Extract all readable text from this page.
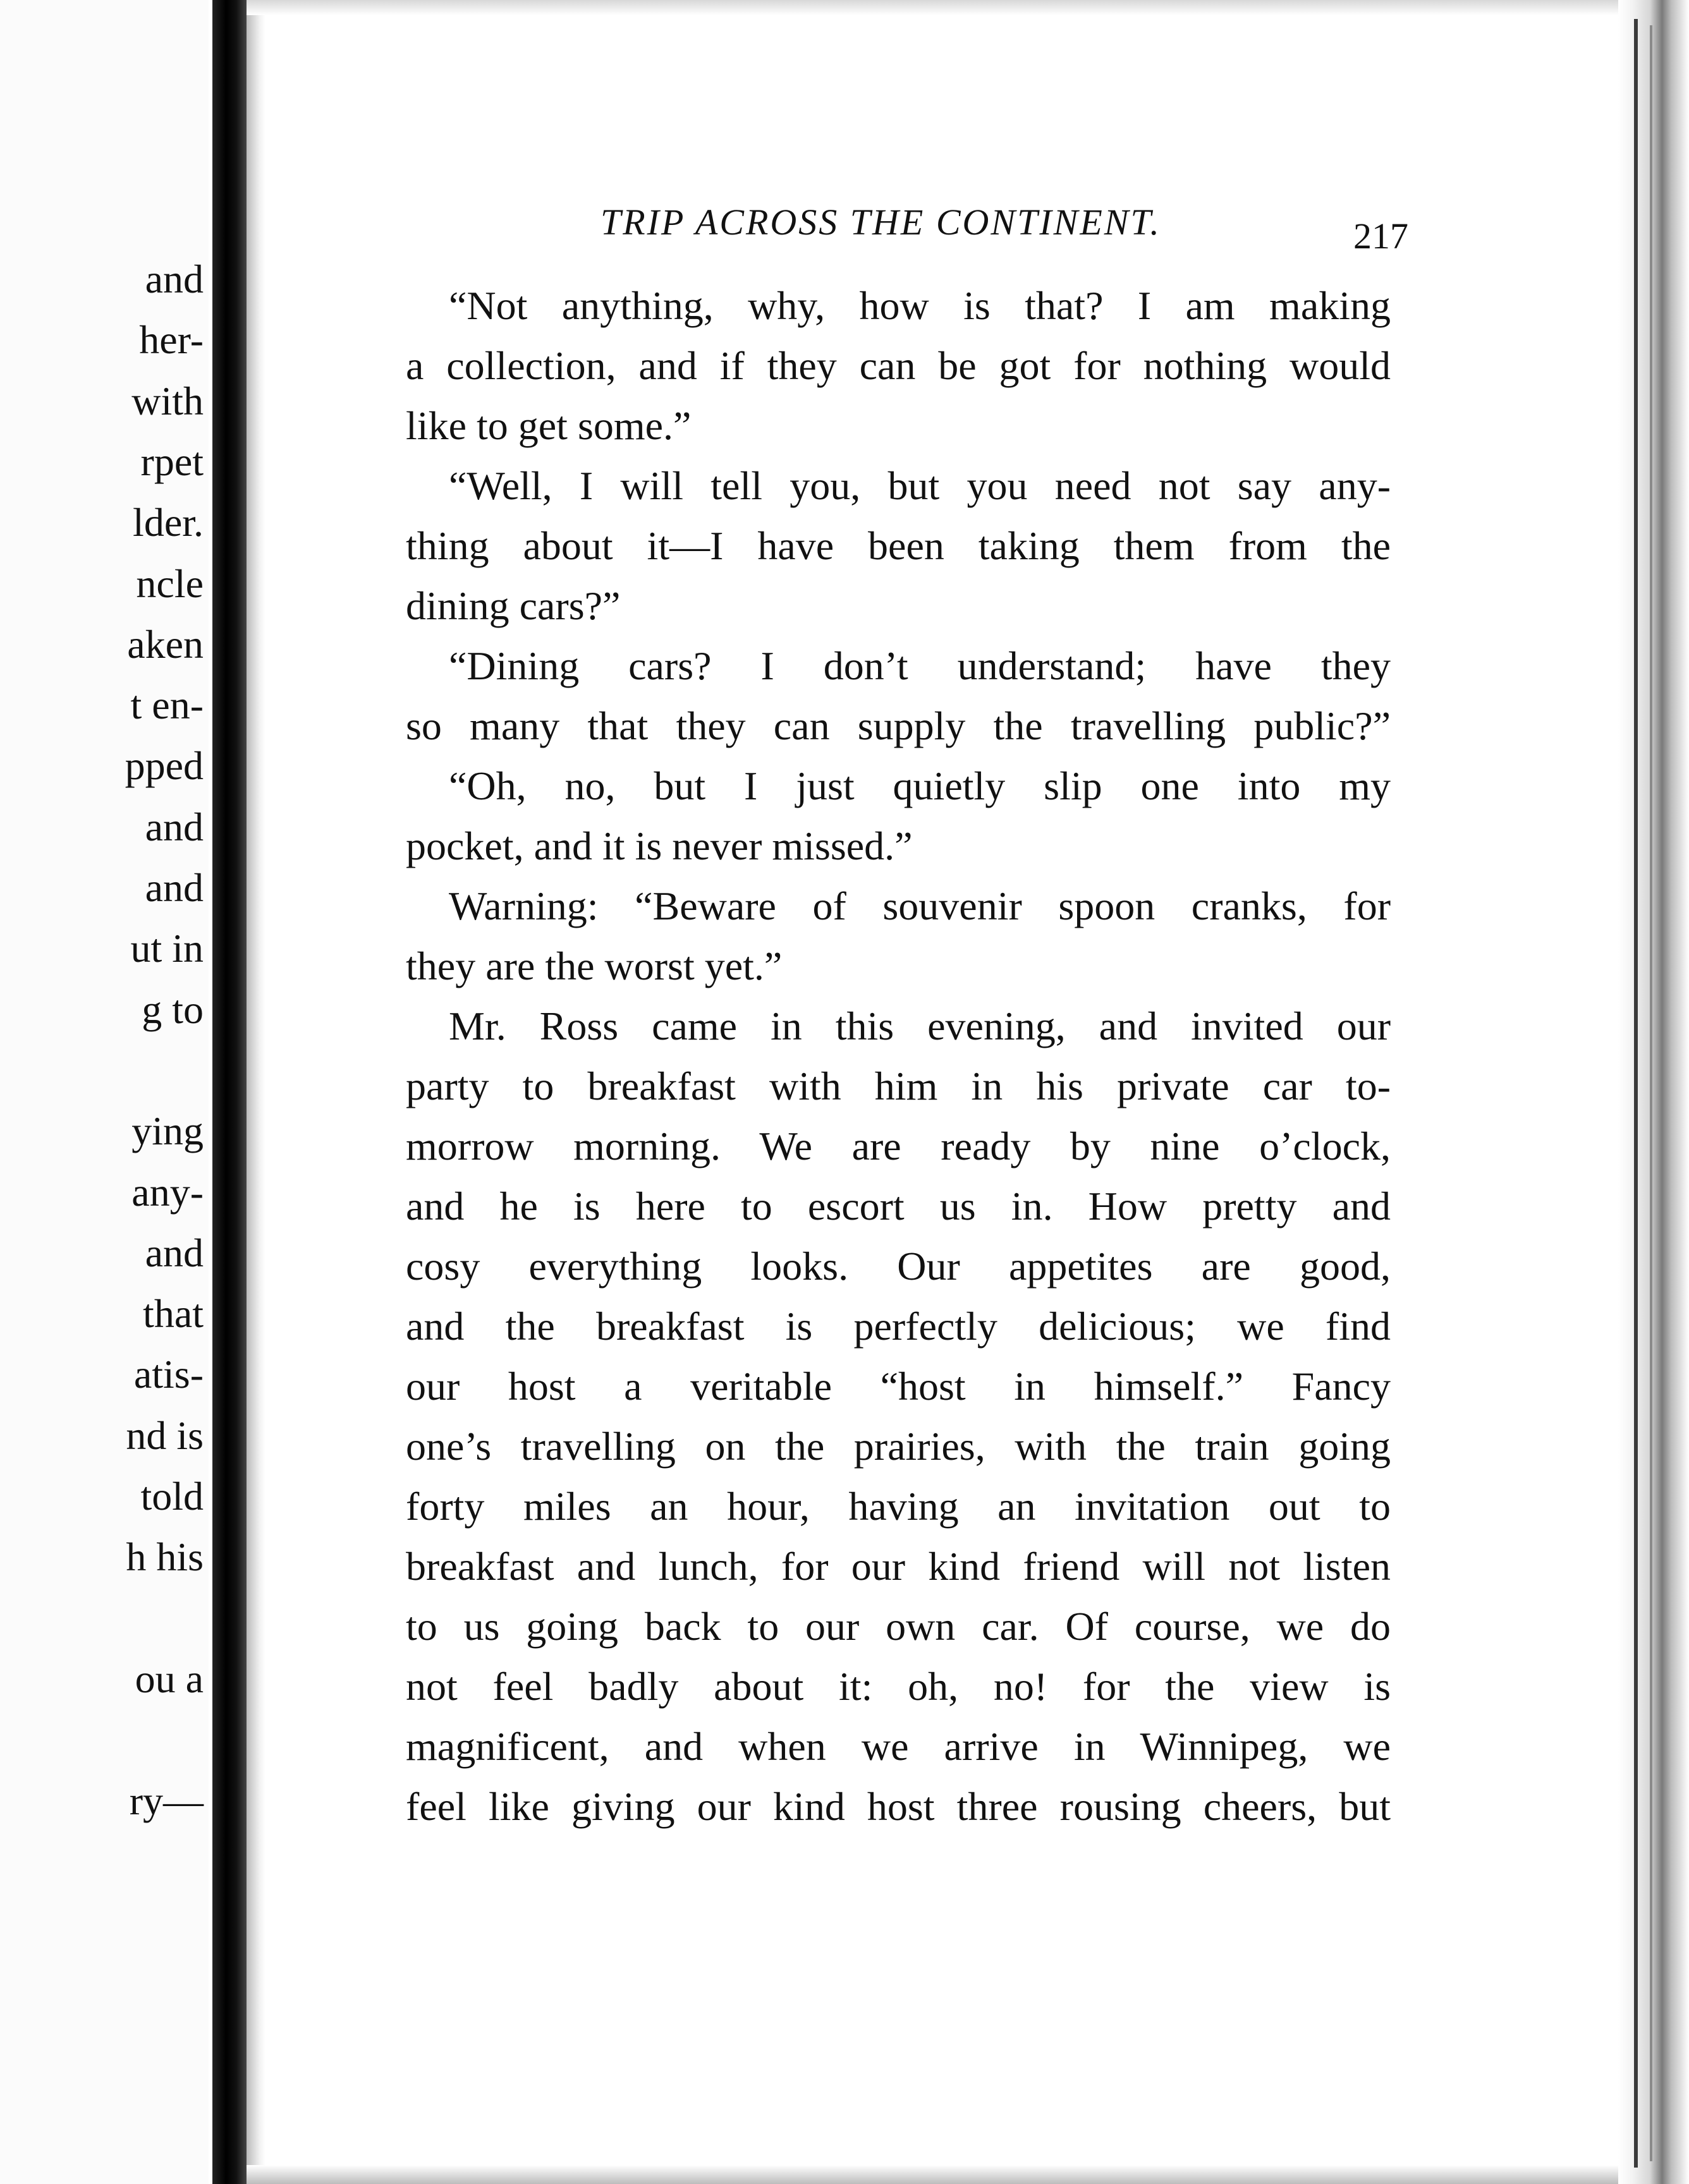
and
her-
with
rpet
lder.
ncle
aken
t en-
pped
and
and
ut in
g to
ying
any-
and
that
atis-
nd is
told
h his
ou a
ry—
TRIP ACROSS THE CONTINENT.	217
“Not anything, why, how is that? I am making
a collection, and if they can be got for nothing would
like to get some.”
“Well, I will tell you, but you need not say any-
thing about it—I have been taking them from the
dining cars?”
“Dining cars? I don’t understand; have they
so many that they can supply the travelling public?”
“Oh, no, but I just quietly slip one into my
pocket, and it is never missed.”
Warning: “Beware of souvenir spoon cranks, for
they are the worst yet.”
Mr. Ross came in this evening, and invited our
party to breakfast with him in his private car to-
morrow morning. We are ready by nine o’clock,
and he is here to escort us in. How pretty and
cosy everything looks. Our appetites are good,
and the breakfast is perfectly delicious; we find
our host a veritable “host in himself.” Fancy
one’s travelling on the prairies, with the train going
forty miles an hour, having an invitation out to
breakfast and lunch, for our kind friend will not listen
to us going back to our own car. Of course, we do
not feel badly about it: oh, no! for the view is
magnificent, and when we arrive in Winnipeg, we
feel like giving our kind host three rousing cheers, but
